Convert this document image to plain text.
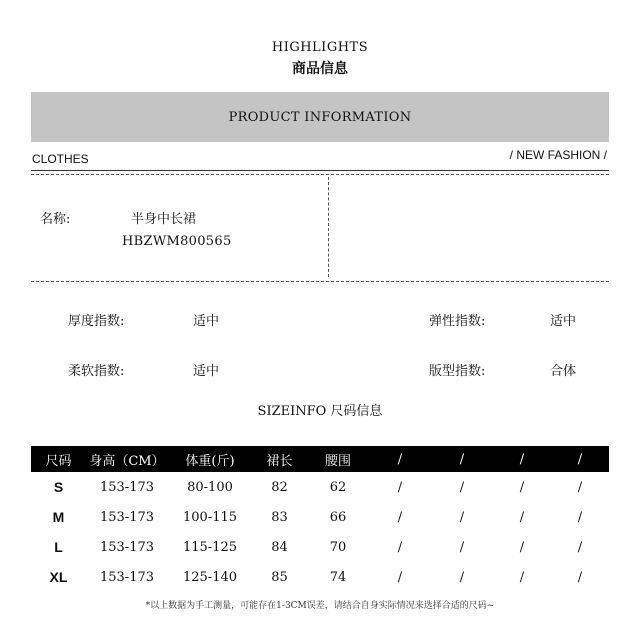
HIGHLIGHTS
商品信息
PRODUCT INFORMATION
CLOTHES	/ NEW FASHION /
名称:	半身中长裙
HBZWM800565
厚度指数:	适中	弹性指数:	适中
柔软指数:	适中	版型指数:	合体
SIZEINFO 尺码信息
尺码	身高（CM）	体重(斤)	裙长	腰围	/	/	/	/
S	153-173	80-100	82	62	/	/	/	/
M	153-173	100-115	83	66	/	/	/	/
L	153-173	115-125	84	70	/	/	/	/
XL	153-173	125-140	85	74	/	/	/	/
*以上数据为手工测量，可能存在1-3CM误差，请结合自身实际情况来选择合适的尺码~
